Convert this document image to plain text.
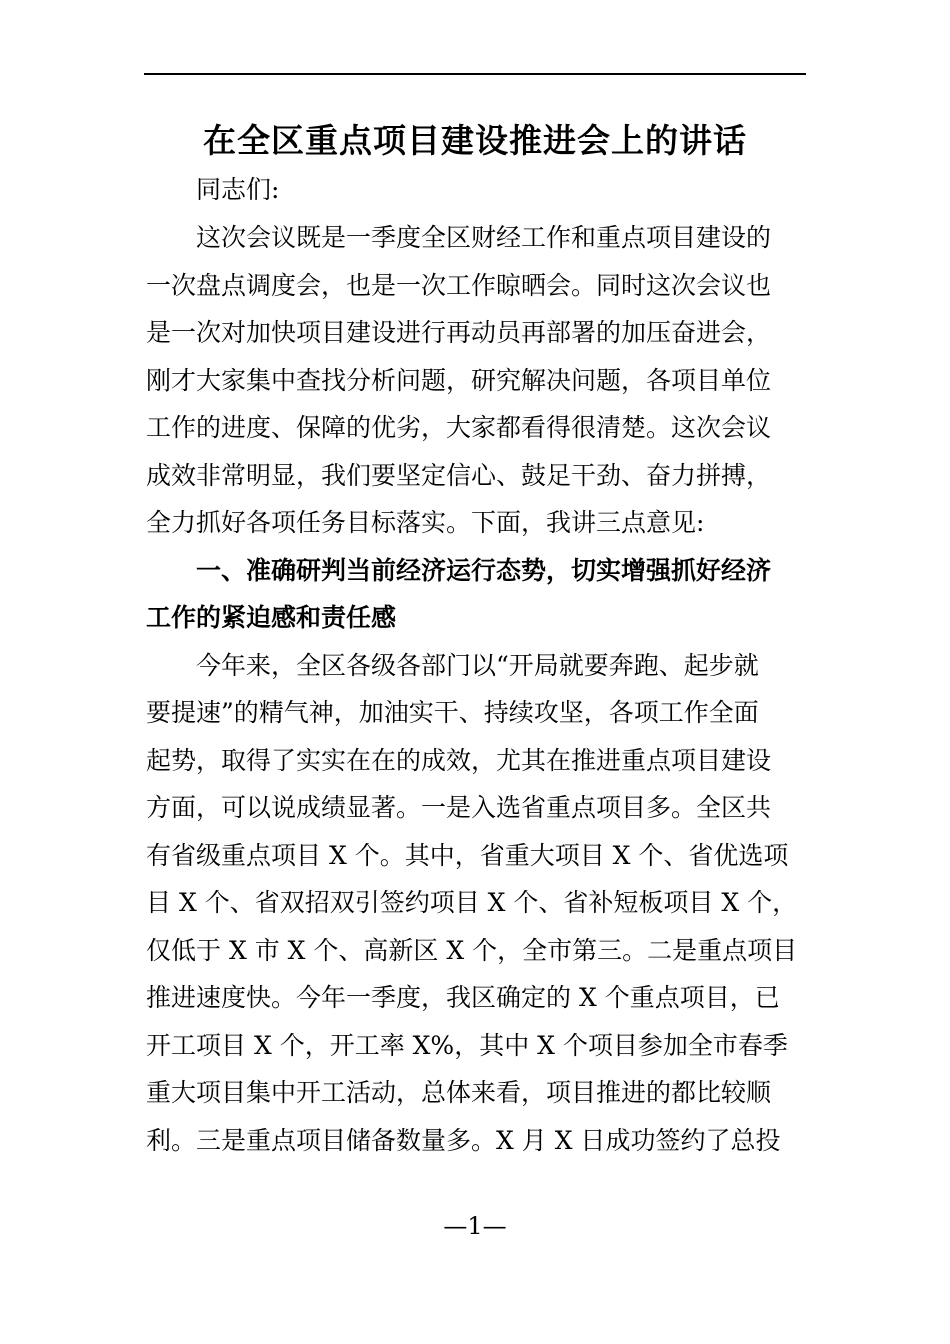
在全区重点项目建设推进会上的讲话
同志们:
这次会议既是一季度全区财经工作和重点项目建设的
一次盘点调度会，也是一次工作晾晒会。同时这次会议也
是一次对加快项目建设进行再动员再部署的加压奋进会，
刚才大家集中查找分析问题，研究解决问题，各项目单位
工作的进度、保障的优劣，大家都看得很清楚。这次会议
成效非常明显，我们要坚定信心、鼓足干劲、奋力拼搏，
全力抓好各项任务目标落实。下面，我讲三点意见:
一、准确研判当前经济运行态势，切实增强抓好经济
工作的紧迫感和责任感
今年来，全区各级各部门以“开局就要奔跑、起步就
要提速”的精气神，加油实干、持续攻坚，各项工作全面
起势，取得了实实在在的成效，尤其在推进重点项目建设
方面，可以说成绩显著。一是入选省重点项目多。全区共
有省级重点项目 X 个。其中，省重大项目 X 个、省优选项
目 X 个、省双招双引签约项目 X 个、省补短板项目 X 个，
仅低于 X 市 X 个、高新区 X 个，全市第三。二是重点项目
推进速度快。今年一季度，我区确定的 X 个重点项目，已
开工项目 X 个，开工率 X%，其中 X 个项目参加全市春季
重大项目集中开工活动，总体来看，项目推进的都比较顺
利。三是重点项目储备数量多。X 月 X 日成功签约了总投
—1—
